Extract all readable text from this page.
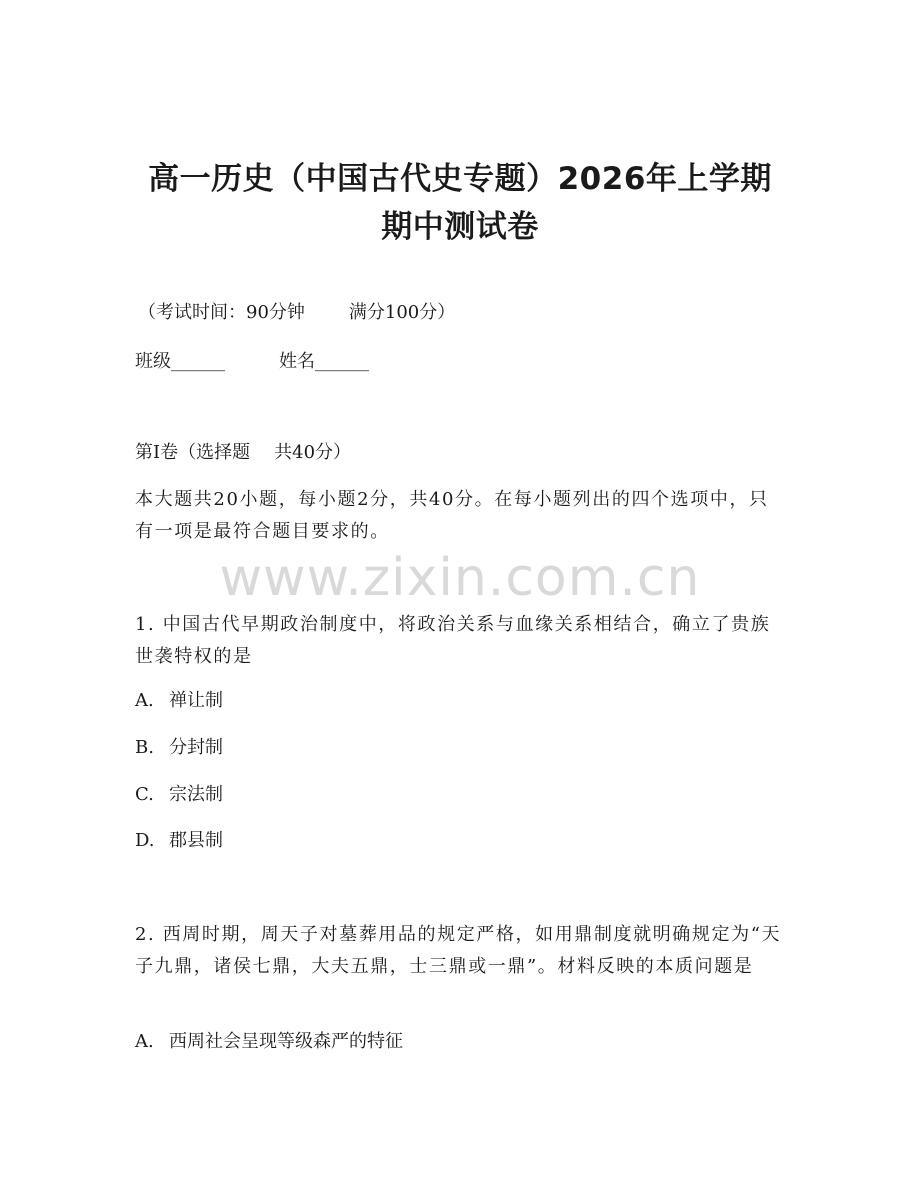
高一历史（中国古代史专题）2026年上学期
期中测试卷
（考试时间：90分钟 满分100分）
班级______	姓名______
第I卷（选择题 共40分）
本大题共20小题，每小题2分，共40分。在每小题列出的四个选项中，只有一项是最符合题目要求的。
www.zixin.com.cn
1. 中国古代早期政治制度中，将政治关系与血缘关系相结合，确立了贵族世袭特权的是
A. 禅让制
B. 分封制
C. 宗法制
D. 郡县制
2. 西周时期，周天子对墓葬用品的规定严格，如用鼎制度就明确规定为“天子九鼎，诸侯七鼎，大夫五鼎，士三鼎或一鼎”。材料反映的本质问题是
A. 西周社会呈现等级森严的特征
